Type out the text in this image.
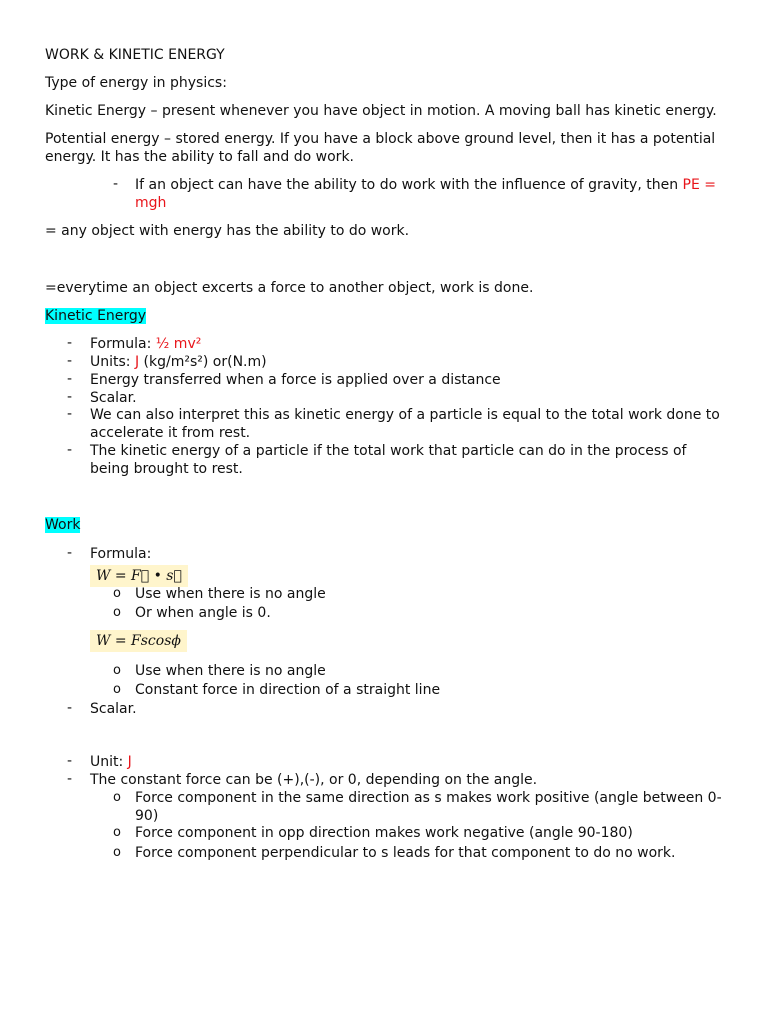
WORK & KINETIC ENERGY
Type of energy in physics:
Kinetic Energy – present whenever you have object in motion. A moving ball has kinetic energy.
Potential energy – stored energy. If you have a block above ground level, then it has a potential energy. It has the ability to fall and do work.
- If an object can have the ability to do work with the influence of gravity, then PE = mgh
= any object with energy has the ability to do work.
=everytime an object excerts a force to another object, work is done.
Kinetic Energy
- Formula: ½ mv²
- Units: J (kg/m²s²) or(N.m)
- Energy transferred when a force is applied over a distance
- Scalar.
- We can also interpret this as kinetic energy of a particle is equal to the total work done to accelerate it from rest.
- The kinetic energy of a particle if the total work that particle can do in the process of being brought to rest.
Work
- Formula:
W = F⃗ • s⃗
o Use when there is no angle
o Or when angle is 0.
W = Fscosϕ
o Use when there is no angle
o Constant force in direction of a straight line
- Scalar.
- Unit: J
- The constant force can be (+),(-), or 0, depending on the angle.
o Force component in the same direction as s makes work positive (angle between 0-90)
o Force component in opp direction makes work negative (angle 90-180)
o Force component perpendicular to s leads for that component to do no work.
